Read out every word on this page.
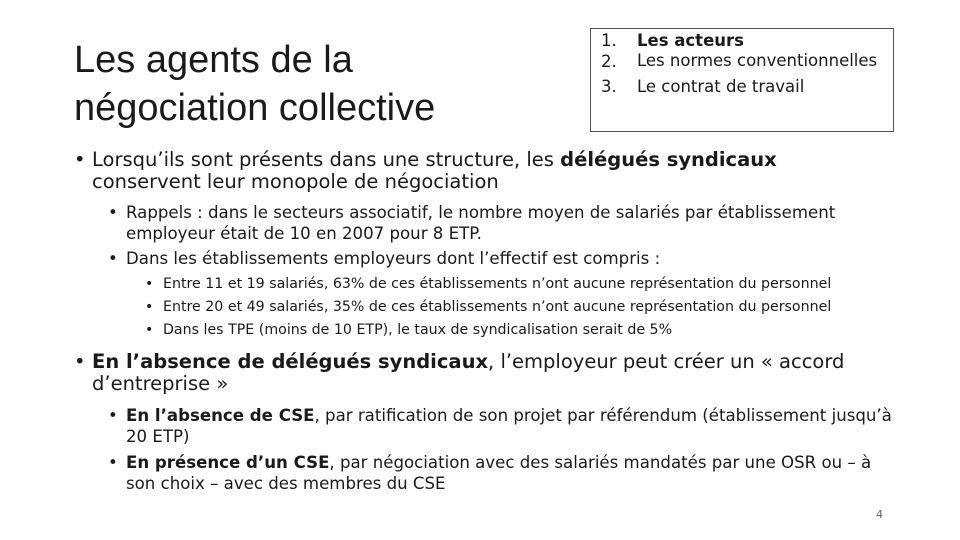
Les agents de la négociation collective
1.	Les acteurs
2.	Les normes conventionnelles
3.	Le contrat de travail
• Lorsqu’ils sont présents dans une structure, les délégués syndicaux conservent leur monopole de négociation
• Rappels : dans le secteurs associatif, le nombre moyen de salariés par établissement employeur était de 10 en 2007 pour 8 ETP.
• Dans les établissements employeurs dont l’effectif est compris :
• Entre 11 et 19 salariés, 63% de ces établissements n’ont aucune représentation du personnel
• Entre 20 et 49 salariés, 35% de ces établissements n’ont aucune représentation du personnel
• Dans les TPE (moins de 10 ETP), le taux de syndicalisation serait de 5%
• En l’absence de délégués syndicaux, l’employeur peut créer un « accord d’entreprise »
• En l’absence de CSE, par ratification de son projet par référendum (établissement jusqu’à 20 ETP)
• En présence d’un CSE, par négociation avec des salariés mandatés par une OSR ou – à son choix – avec des membres du CSE
4
